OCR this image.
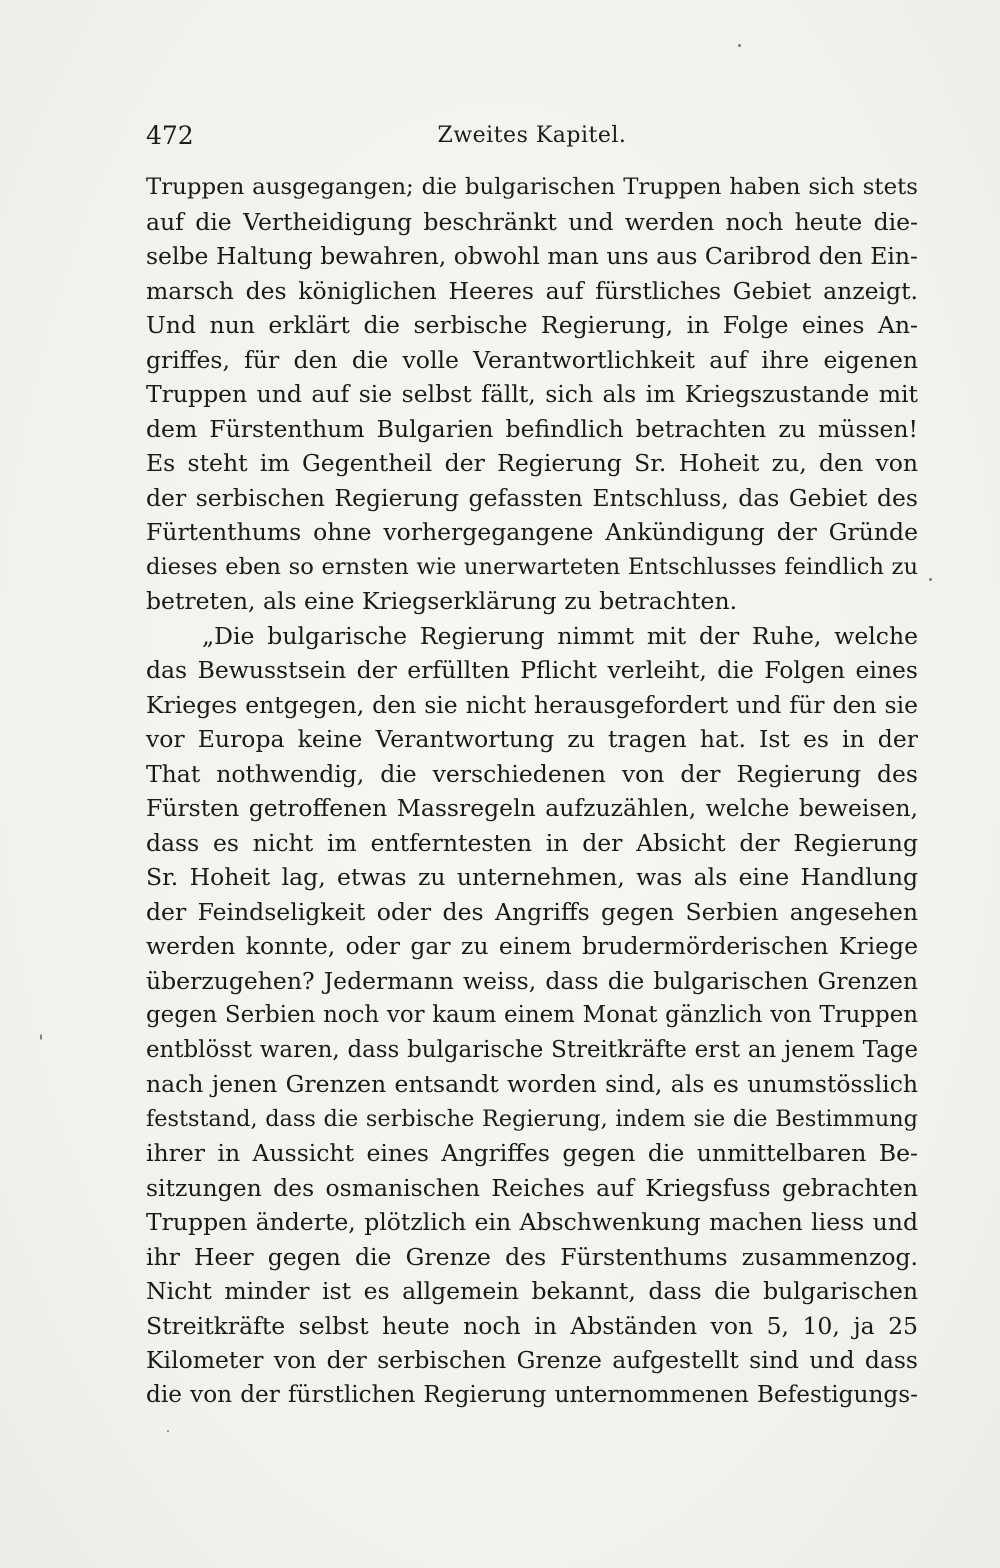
472	Zweites Kapitel.
Truppen ausgegangen; die bulgarischen Truppen haben sich stets
auf die Vertheidigung beschränkt und werden noch heute die-
selbe Haltung bewahren, obwohl man uns aus Caribrod den Ein-
marsch des königlichen Heeres auf fürstliches Gebiet anzeigt.
Und nun erklärt die serbische Regierung, in Folge eines An-
griffes, für den die volle Verantwortlichkeit auf ihre eigenen
Truppen und auf sie selbst fällt, sich als im Kriegszustande mit
dem Fürstenthum Bulgarien befindlich betrachten zu müssen!
Es steht im Gegentheil der Regierung Sr. Hoheit zu, den von
der serbischen Regierung gefassten Entschluss, das Gebiet des
Fürtenthums ohne vorhergegangene Ankündigung der Gründe
dieses eben so ernsten wie unerwarteten Entschlusses feindlich zu
betreten, als eine Kriegserklärung zu betrachten.
„Die bulgarische Regierung nimmt mit der Ruhe, welche
das Bewusstsein der erfüllten Pflicht verleiht, die Folgen eines
Krieges entgegen, den sie nicht herausgefordert und für den sie
vor Europa keine Verantwortung zu tragen hat. Ist es in der
That nothwendig, die verschiedenen von der Regierung des
Fürsten getroffenen Massregeln aufzuzählen, welche beweisen,
dass es nicht im entferntesten in der Absicht der Regierung
Sr. Hoheit lag, etwas zu unternehmen, was als eine Handlung
der Feindseligkeit oder des Angriffs gegen Serbien angesehen
werden konnte, oder gar zu einem brudermörderischen Kriege
überzugehen? Jedermann weiss, dass die bulgarischen Grenzen
gegen Serbien noch vor kaum einem Monat gänzlich von Truppen
entblösst waren, dass bulgarische Streitkräfte erst an jenem Tage
nach jenen Grenzen entsandt worden sind, als es unumstösslich
feststand, dass die serbische Regierung, indem sie die Bestimmung
ihrer in Aussicht eines Angriffes gegen die unmittelbaren Be-
sitzungen des osmanischen Reiches auf Kriegsfuss gebrachten
Truppen änderte, plötzlich ein Abschwenkung machen liess und
ihr Heer gegen die Grenze des Fürstenthums zusammenzog.
Nicht minder ist es allgemein bekannt, dass die bulgarischen
Streitkräfte selbst heute noch in Abständen von 5, 10, ja 25
Kilometer von der serbischen Grenze aufgestellt sind und dass
die von der fürstlichen Regierung unternommenen Befestigungs-
